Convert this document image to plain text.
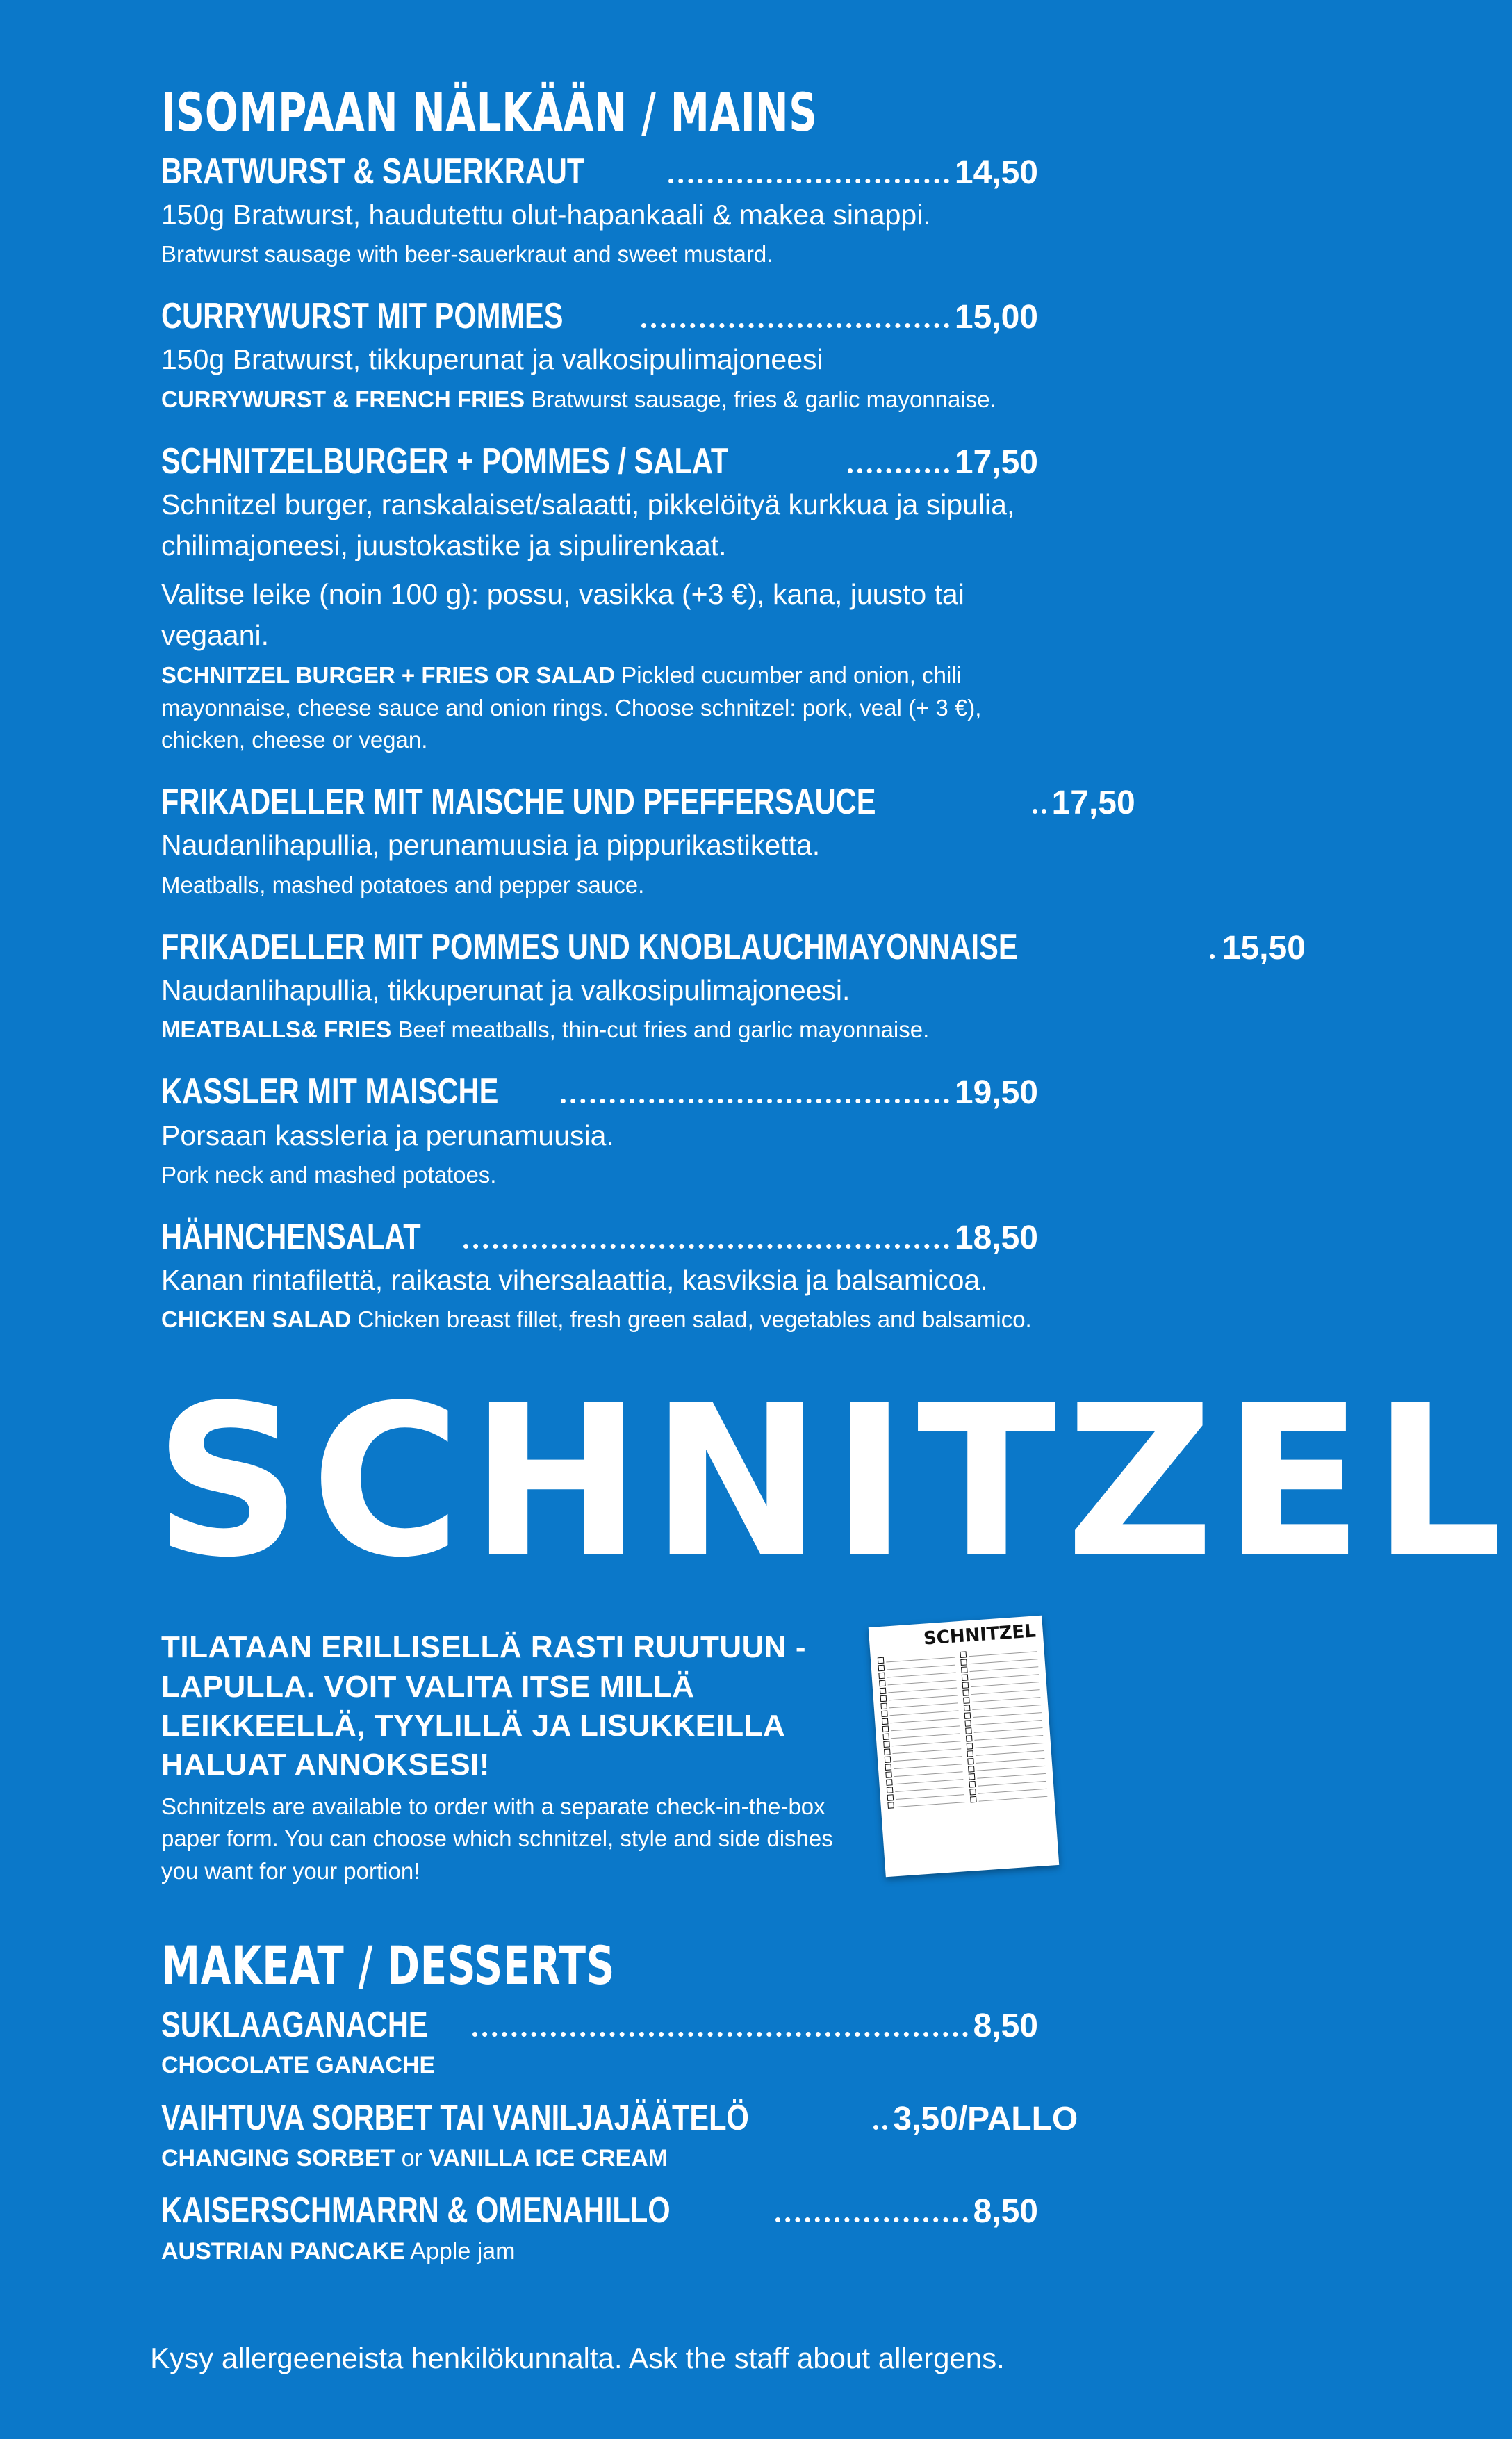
ISOMPAAN NÄLKÄÄN / MAINS
BRATWURST & SAUERKRAUT	14,50
150g Bratwurst, haudutettu olut-hapankaali & makea sinappi.
Bratwurst sausage with beer-sauerkraut and sweet mustard.
CURRYWURST MIT POMMES	15,00
150g Bratwurst, tikkuperunat ja valkosipulimajoneesi
CURRYWURST & FRENCH FRIES Bratwurst sausage, fries & garlic mayonnaise.
SCHNITZELBURGER + POMMES / SALAT	17,50
Schnitzel burger, ranskalaiset/salaatti, pikkelöityä kurkkua ja sipulia, chilimajoneesi, juustokastike ja sipulirenkaat.
Valitse leike (noin 100 g): possu, vasikka (+3 €), kana, juusto tai vegaani.
SCHNITZEL BURGER + FRIES OR SALAD Pickled cucumber and onion, chili mayonnaise, cheese sauce and onion rings. Choose schnitzel: pork, veal (+ 3 €), chicken, cheese or vegan.
FRIKADELLER MIT MAISCHE UND PFEFFERSAUCE	17,50
Naudanlihapullia, perunamuusia ja pippurikastiketta.
Meatballs, mashed potatoes and pepper sauce.
FRIKADELLER MIT POMMES UND KNOBLAUCHMAYONNAISE	15,50
Naudanlihapullia, tikkuperunat ja valkosipulimajoneesi.
MEATBALLS& FRIES Beef meatballs, thin-cut fries and garlic mayonnaise.
KASSLER MIT MAISCHE	19,50
Porsaan kassleria ja perunamuusia.
Pork neck and mashed potatoes.
HÄHNCHENSALAT	18,50
Kanan rintafilettä, raikasta vihersalaattia, kasviksia ja balsamicoa.
CHICKEN SALAD Chicken breast fillet, fresh green salad, vegetables and balsamico.
SCHNITZEL
TILATAAN ERILLISELLÄ RASTI RUUTUUN -LAPULLA. VOIT VALITA ITSE MILLÄ LEIKKEELLÄ, TYYLILLÄ JA LISUKKEILLA HALUAT ANNOKSESI!
Schnitzels are available to order with a separate check-in-the-box paper form. You can choose which schnitzel, style and side dishes you want for your portion!
SCHNITZEL
MAKEAT / DESSERTS
SUKLAAGANACHE	8,50
CHOCOLATE GANACHE
VAIHTUVA SORBET TAI VANILJAJÄÄTELÖ	3,50/PALLO
CHANGING SORBET or VANILLA ICE CREAM
KAISERSCHMARRN & OMENAHILLO	8,50
AUSTRIAN PANCAKE Apple jam
Kysy allergeeneista henkilökunnalta. Ask the staff about allergens.
